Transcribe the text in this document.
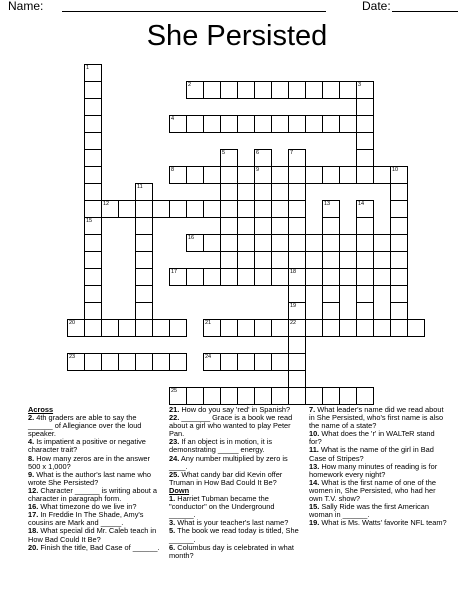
Name:	Date:
She Persisted
1
15
2	3
4
5	6
9
7
18
19
22
8	10
11
12	13	14
16
17
20	21
23	24
25
Across
2. 4th graders are able to say the ______ of Allegiance over the loud speaker.
4. Is impatient a positive or negative character trait?
8. How many zeros are in the answer 500 x 1,000?
9. What is the author's last name who wrote She Persisted?
12. Character ______ is writing about a character in paragraph form.
16. What timezone do we live in?
17. In Freddie In The Shade, Amy's cousins are Mark and _____.
18. What special did Mr. Caleb teach in How Bad Could It Be?
20. Finish the title, Bad Case of ______.
21. How do you say 'red' in Spanish?
22. _______ Grace is a book we read about a girl who wanted to play Peter Pan.
23. If an object is in motion, it is demonstrating _____ energy.
24. Any number multiplied by zero is ____.
25. What candy bar did Kevin offer Truman in How Bad Could It Be?
Down
1. Harriet Tubman became the "conductor" on the Underground ______.
3. What is your teacher's last name?
5. The book we read today is titled, She ______.
6. Columbus day is celebrated in what month?
7. What leader's name did we read about in She Persisted, who's first name is also the name of a state?
10. What does the 'r' in WALTeR stand for?
11. What is the name of the girl in Bad Case of Stripes?
13. How many minutes of reading is for homework every night?
14. What is the first name of one of the women in, She Persisted, who had her own T.V. show?
15. Sally Ride was the first American woman in ______.
19. What is Ms. Watts' favorite NFL team?
